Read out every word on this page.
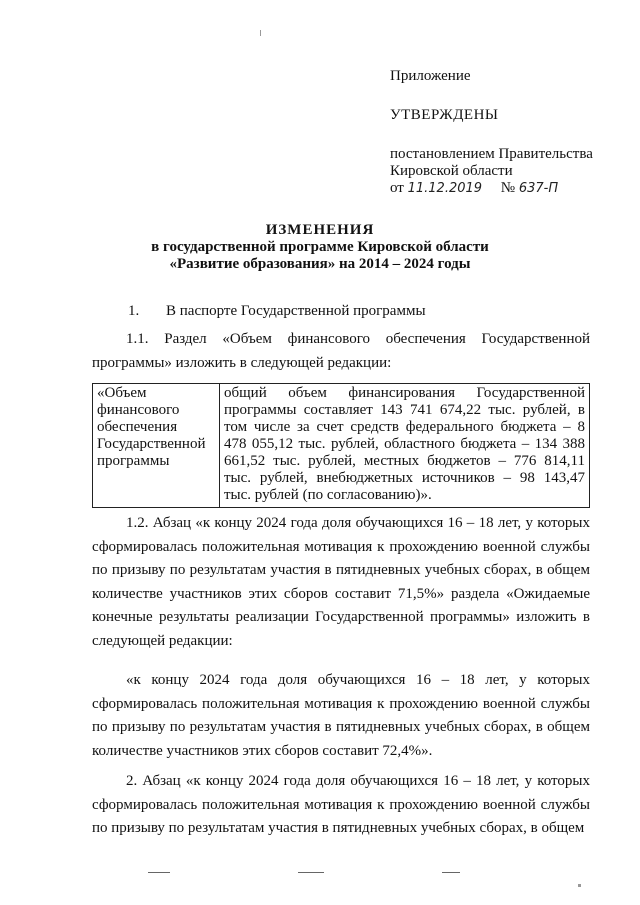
Приложение
УТВЕРЖДЕНЫ
постановлением Правительства
Кировской области
от 11.12.2019 № 637-П
ИЗМЕНЕНИЯ
в государственной программе Кировской области
«Развитие образования» на 2014 – 2024 годы
1. В паспорте Государственной программы
1.1. Раздел «Объем финансового обеспечения Государственной программы» изложить в следующей редакции:
«Объем финансового обеспечения Государственной программы	общий объем финансирования Государственной программы составляет 143 741 674,22 тыс. рублей, в том числе за счет средств федерального бюджета – 8 478 055,12 тыс. рублей, областного бюджета – 134 388 661,52 тыс. рублей, местных бюджетов – 776 814,11 тыс. рублей, внебюджетных источников – 98 143,47 тыс. рублей (по согласованию)».
1.2. Абзац «к концу 2024 года доля обучающихся 16 – 18 лет, у которых сформировалась положительная мотивация к прохождению военной службы по призыву по результатам участия в пятидневных учебных сборах, в общем количестве участников этих сборов составит 71,5%» раздела «Ожидаемые конечные результаты реализации Государственной программы» изложить в следующей редакции:
«к концу 2024 года доля обучающихся 16 – 18 лет, у которых сформировалась положительная мотивация к прохождению военной службы по призыву по результатам участия в пятидневных учебных сборах, в общем количестве участников этих сборов составит 72,4%».
2. Абзац «к концу 2024 года доля обучающихся 16 – 18 лет, у которых сформировалась положительная мотивация к прохождению военной службы по призыву по результатам участия в пятидневных учебных сборах, в общем
